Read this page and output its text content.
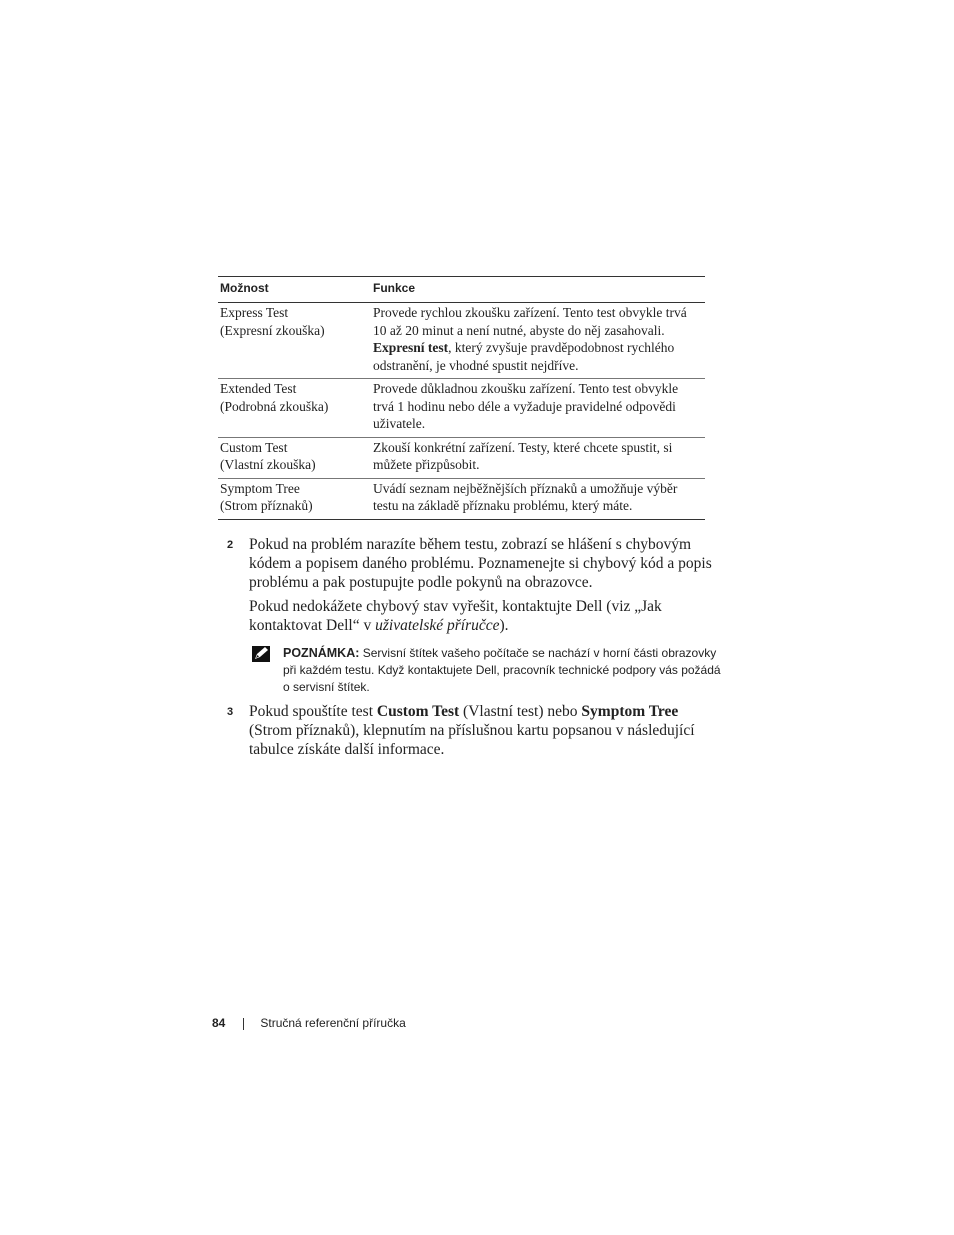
Možnost	Funkce

Express Test
(Expresní zkouška)	Provede rychlou zkoušku zařízení. Tento test obvykle trvá
10 až 20 minut a není nutné, abyste do něj zasahovali.
Expresní test, který zvyšuje pravděpodobnost rychlého
odstranění, je vhodné spustit nejdříve.

Extended Test
(Podrobná zkouška)	Provede důkladnou zkoušku zařízení. Tento test obvykle
trvá 1 hodinu nebo déle a vyžaduje pravidelné odpovědi
uživatele.

Custom Test
(Vlastní zkouška)	Zkouší konkrétní zařízení. Testy, které chcete spustit, si
můžete přizpůsobit.

Symptom Tree
(Strom příznaků)	Uvádí seznam nejběžnějších příznaků a umožňuje výběr
testu na základě příznaku problému, který máte.
2 Pokud na problém narazíte během testu, zobrazí se hlášení s chybovým
kódem a popisem daného problému. Poznamenejte si chybový kód a popis
problému a pak postupujte podle pokynů na obrazovce.
Pokud nedokážete chybový stav vyřešit, kontaktujte Dell (viz „Jak
kontaktovat Dell“ v uživatelské příručce).
POZNÁMKA: Servisní štítek vašeho počítače se nachází v horní části obrazovky
při každém testu. Když kontaktujete Dell, pracovník technické podpory vás požádá
o servisní štítek.
3 Pokud spouštíte test Custom Test (Vlastní test) nebo Symptom Tree
(Strom příznaků), klepnutím na příslušnou kartu popsanou v následující
tabulce získáte další informace.
84	Stručná referenční příručka
